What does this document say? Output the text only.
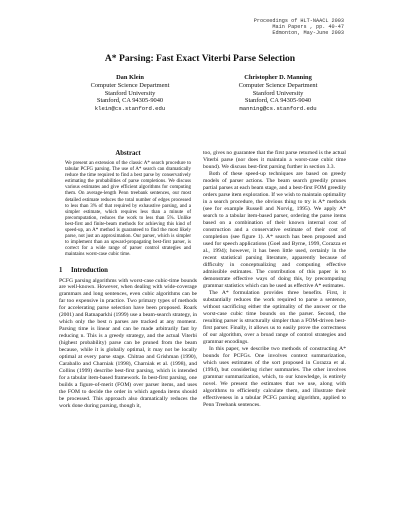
Proceedings of HLT-NAACL 2003
Main Papers , pp. 40-47
Edmonton, May-June 2003
A* Parsing: Fast Exact Viterbi Parse Selection
Dan Klein
Computer Science Department
Stanford University
Stanford, CA 94305-9040
klein@cs.stanford.edu
Christopher D. Manning
Computer Science Department
Stanford University
Stanford, CA 94305-9040
manning@cs.stanford.edu
Abstract

We present an extension of the classic A* search procedure to tabular PCFG parsing. The use of A* search can dramatically reduce the time required to find a best parse by conservatively estimating the probabilities of parse completions. We discuss various estimates and give efficient algorithms for computing them. On average-length Penn treebank sentences, our most detailed estimate reduces the total number of edges processed to less than 3% of that required by exhaustive parsing, and a simpler estimate, which requires less than a minute of precomputation, reduces the work to less than 5%. Unlike best-first and finite-beam methods for achieving this kind of speed-up, an A* method is guaranteed to find the most likely parse, not just an approximation. Our parser, which is simpler to implement than an upward-propagating best-first parser, is correct for a wide range of parser control strategies and maintains worst-case cubic time.

1 Introduction

PCFG parsing algorithms with worst-case cubic-time bounds are well-known. However, when dealing with wide-coverage grammars and long sentences, even cubic algorithms can be far too expensive in practice. Two primary types of methods for accelerating parse selection have been proposed. Roark (2001) and Ratnaparkhi (1999) use a beam-search strategy, in which only the best n parses are tracked at any moment. Parsing time is linear and can be made arbitrarily fast by reducing n. This is a greedy strategy, and the actual Viterbi (highest probability) parse can be pruned from the beam because, while it is globally optimal, it may not be locally optimal at every parse stage. Chitrao and Grishman (1990), Caraballo and Charniak (1998), Charniak et al. (1998), and Collins (1999) describe best-first parsing, which is intended for a tabular item-based framework. In best-first parsing, one builds a figure-of-merit (FOM) over parser items, and uses the FOM to decide the order in which agenda items should be processed. This approach also dramatically reduces the work done during parsing, though it,

too, gives no guarantee that the first parse returned is the actual Viterbi parse (nor does it maintain a worst-case cubic time bound). We discuss best-first parsing further in section 3.3.

Both of these speed-up techniques are based on greedy models of parser actions. The beam search greedily prunes partial parses at each beam stage, and a best-first FOM greedily orders parse item exploration. If we wish to maintain optimality in a search procedure, the obvious thing to try is A* methods (see for example Russell and Norvig, 1995). We apply A* search to a tabular item-based parser, ordering the parse items based on a combination of their known internal cost of construction and a conservative estimate of their cost of completion (see figure 1). A* search has been proposed and used for speech applications (Goel and Byrne, 1999, Corazza et al., 1994); however, it has been little used, certainly in the recent statistical parsing literature, apparently because of difficulty in conceptualizing and computing effective admissible estimates. The contribution of this paper is to demonstrate effective ways of doing this, by precomputing grammar statistics which can be used as effective A* estimates.

The A* formulation provides three benefits. First, it substantially reduces the work required to parse a sentence, without sacrificing either the optimality of the answer or the worst-case cubic time bounds on the parser. Second, the resulting parser is structurally simpler than a FOM-driven best-first parser. Finally, it allows us to easily prove the correctness of our algorithm, over a broad range of control strategies and grammar encodings.

In this paper, we describe two methods of constructing A* bounds for PCFGs. One involves context summarization, which uses estimates of the sort proposed in Corazza et al. (1994), but considering richer summaries. The other involves grammar summarization, which, to our knowledge, is entirely novel. We present the estimates that we use, along with algorithms to efficiently calculate them, and illustrate their effectiveness in a tabular PCFG parsing algorithm, applied to Penn Treebank sentences.
